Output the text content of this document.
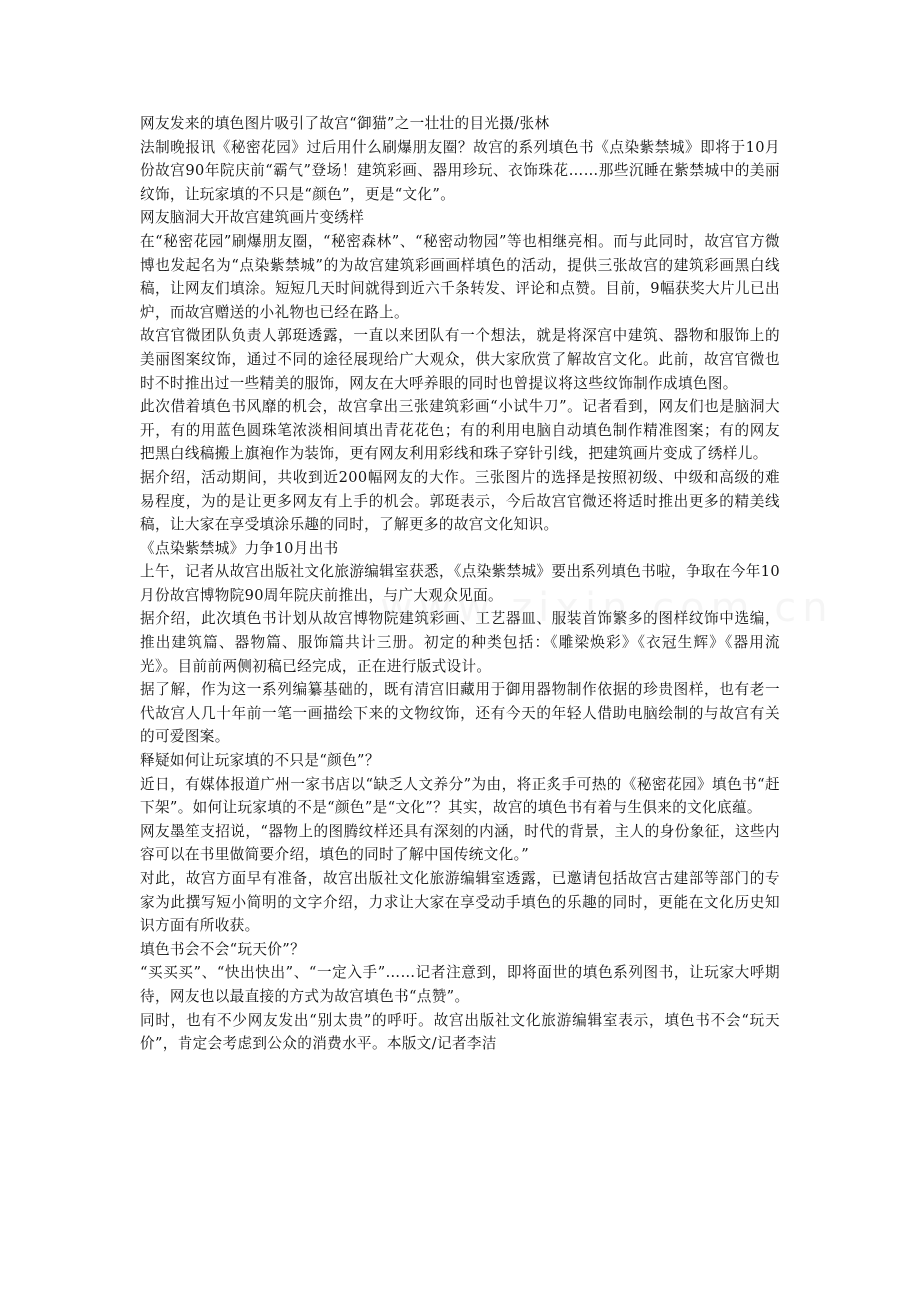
网友发来的填色图片吸引了故宫“御猫”之一壮壮的目光摄/张林

法制晚报讯《秘密花园》过后用什么刷爆朋友圈？故宫的系列填色书《点染紫禁城》即将于10月份故宫90年院庆前“霸气”登场！建筑彩画、器用珍玩、衣饰珠花……那些沉睡在紫禁城中的美丽纹饰，让玩家填的不只是“颜色”，更是“文化”。

网友脑洞大开故宫建筑画片变绣样

在“秘密花园”刷爆朋友圈，“秘密森林”、“秘密动物园”等也相继亮相。而与此同时，故宫官方微博也发起名为“点染紫禁城”的为故宫建筑彩画画样填色的活动，提供三张故宫的建筑彩画黑白线稿，让网友们填涂。短短几天时间就得到近六千条转发、评论和点赞。目前，9幅获奖大片儿已出炉，而故宫赠送的小礼物也已经在路上。

故宫官微团队负责人郭珽透露，一直以来团队有一个想法，就是将深宫中建筑、器物和服饰上的美丽图案纹饰，通过不同的途径展现给广大观众，供大家欣赏了解故宫文化。此前，故宫官微也时不时推出过一些精美的服饰，网友在大呼养眼的同时也曾提议将这些纹饰制作成填色图。

此次借着填色书风靡的机会，故宫拿出三张建筑彩画“小试牛刀”。记者看到，网友们也是脑洞大开，有的用蓝色圆珠笔浓淡相间填出青花花色；有的利用电脑自动填色制作精准图案；有的网友把黑白线稿搬上旗袍作为装饰，更有网友利用彩线和珠子穿针引线，把建筑画片变成了绣样儿。

据介绍，活动期间，共收到近200幅网友的大作。三张图片的选择是按照初级、中级和高级的难易程度，为的是让更多网友有上手的机会。郭珽表示，今后故宫官微还将适时推出更多的精美线稿，让大家在享受填涂乐趣的同时，了解更多的故宫文化知识。

《点染紫禁城》力争10月出书

上午，记者从故宫出版社文化旅游编辑室获悉，《点染紫禁城》要出系列填色书啦，争取在今年10月份故宫博物院90周年院庆前推出，与广大观众见面。

据介绍，此次填色书计划从故宫博物院建筑彩画、工艺器皿、服装首饰繁多的图样纹饰中选编，推出建筑篇、器物篇、服饰篇共计三册。初定的种类包括：《雕梁焕彩》《衣冠生辉》《器用流光》。目前前两侧初稿已经完成，正在进行版式设计。

据了解，作为这一系列编纂基础的，既有清宫旧藏用于御用器物制作依据的珍贵图样，也有老一代故宫人几十年前一笔一画描绘下来的文物纹饰，还有今天的年轻人借助电脑绘制的与故宫有关的可爱图案。

释疑如何让玩家填的不只是“颜色”？

近日，有媒体报道广州一家书店以“缺乏人文养分”为由，将正炙手可热的《秘密花园》填色书“赶下架”。如何让玩家填的不是“颜色”是“文化”？其实，故宫的填色书有着与生俱来的文化底蕴。

网友墨笙支招说，“器物上的图腾纹样还具有深刻的内涵，时代的背景，主人的身份象征，这些内容可以在书里做简要介绍，填色的同时了解中国传统文化。”

对此，故宫方面早有准备，故宫出版社文化旅游编辑室透露，已邀请包括故宫古建部等部门的专家为此撰写短小简明的文字介绍，力求让大家在享受动手填色的乐趣的同时，更能在文化历史知识方面有所收获。

填色书会不会“玩天价”？

“买买买”、“快出快出”、“一定入手”……记者注意到，即将面世的填色系列图书，让玩家大呼期待，网友也以最直接的方式为故宫填色书“点赞”。

同时，也有不少网友发出“别太贵”的呼吁。故宫出版社文化旅游编辑室表示，填色书不会“玩天价”，肯定会考虑到公众的消费水平。本版文/记者李洁
